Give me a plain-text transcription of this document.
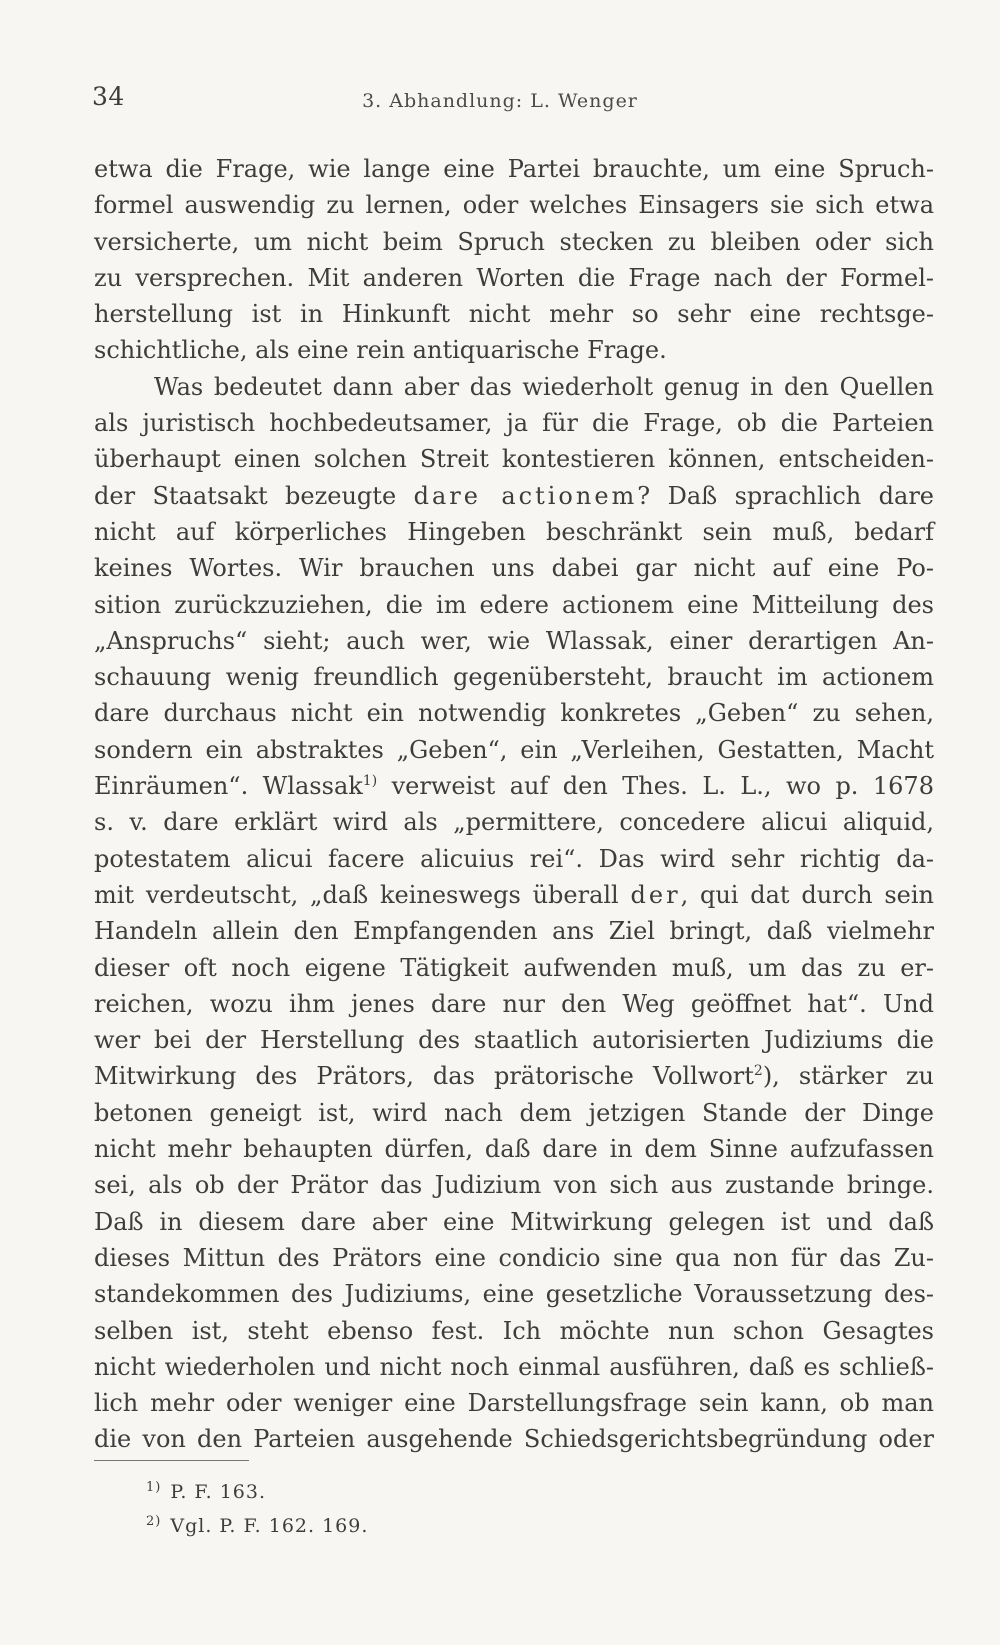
34	3. Abhandlung: L. Wenger
etwa die Frage, wie lange eine Partei brauchte, um eine Spruch-
formel auswendig zu lernen, oder welches Einsagers sie sich etwa
versicherte, um nicht beim Spruch stecken zu bleiben oder sich
zu versprechen. Mit anderen Worten die Frage nach der Formel-
herstellung ist in Hinkunft nicht mehr so sehr eine rechtsge-
schichtliche, als eine rein antiquarische Frage.
Was bedeutet dann aber das wiederholt genug in den Quellen
als juristisch hochbedeutsamer, ja für die Frage, ob die Parteien
überhaupt einen solchen Streit kontestieren können, entscheiden-
der Staatsakt bezeugte dare actionem? Daß sprachlich dare
nicht auf körperliches Hingeben beschränkt sein muß, bedarf
keines Wortes. Wir brauchen uns dabei gar nicht auf eine Po-
sition zurückzuziehen, die im edere actionem eine Mitteilung des
„Anspruchs“ sieht; auch wer, wie Wlassak, einer derartigen An-
schauung wenig freundlich gegenübersteht, braucht im actionem
dare durchaus nicht ein notwendig konkretes „Geben“ zu sehen,
sondern ein abstraktes „Geben“, ein „Verleihen, Gestatten, Macht
Einräumen“. Wlassak$^{1)}$ verweist auf den Thes. L. L., wo p. 1678
s. v. dare erklärt wird als „permittere, concedere alicui aliquid,
potestatem alicui facere alicuius rei“. Das wird sehr richtig da-
mit verdeutscht, „daß keineswegs überall der, qui dat durch sein
Handeln allein den Empfangenden ans Ziel bringt, daß vielmehr
dieser oft noch eigene Tätigkeit aufwenden muß, um das zu er-
reichen, wozu ihm jenes dare nur den Weg geöffnet hat“. Und
wer bei der Herstellung des staatlich autorisierten Judiziums die
Mitwirkung des Prätors, das prätorische Vollwort$^2$), stärker zu
betonen geneigt ist, wird nach dem jetzigen Stande der Dinge
nicht mehr behaupten dürfen, daß dare in dem Sinne aufzufassen
sei, als ob der Prätor das Judizium von sich aus zustande bringe.
Daß in diesem dare aber eine Mitwirkung gelegen ist und daß
dieses Mittun des Prätors eine condicio sine qua non für das Zu-
standekommen des Judiziums, eine gesetzliche Voraussetzung des-
selben ist, steht ebenso fest. Ich möchte nun schon Gesagtes
nicht wiederholen und nicht noch einmal ausführen, daß es schließ-
lich mehr oder weniger eine Darstellungsfrage sein kann, ob man
die von den Parteien ausgehende Schiedsgerichtsbegründung oder
$^{1)}$ P. F. 163.
$^{2)}$ Vgl. P. F. 162. 169.
